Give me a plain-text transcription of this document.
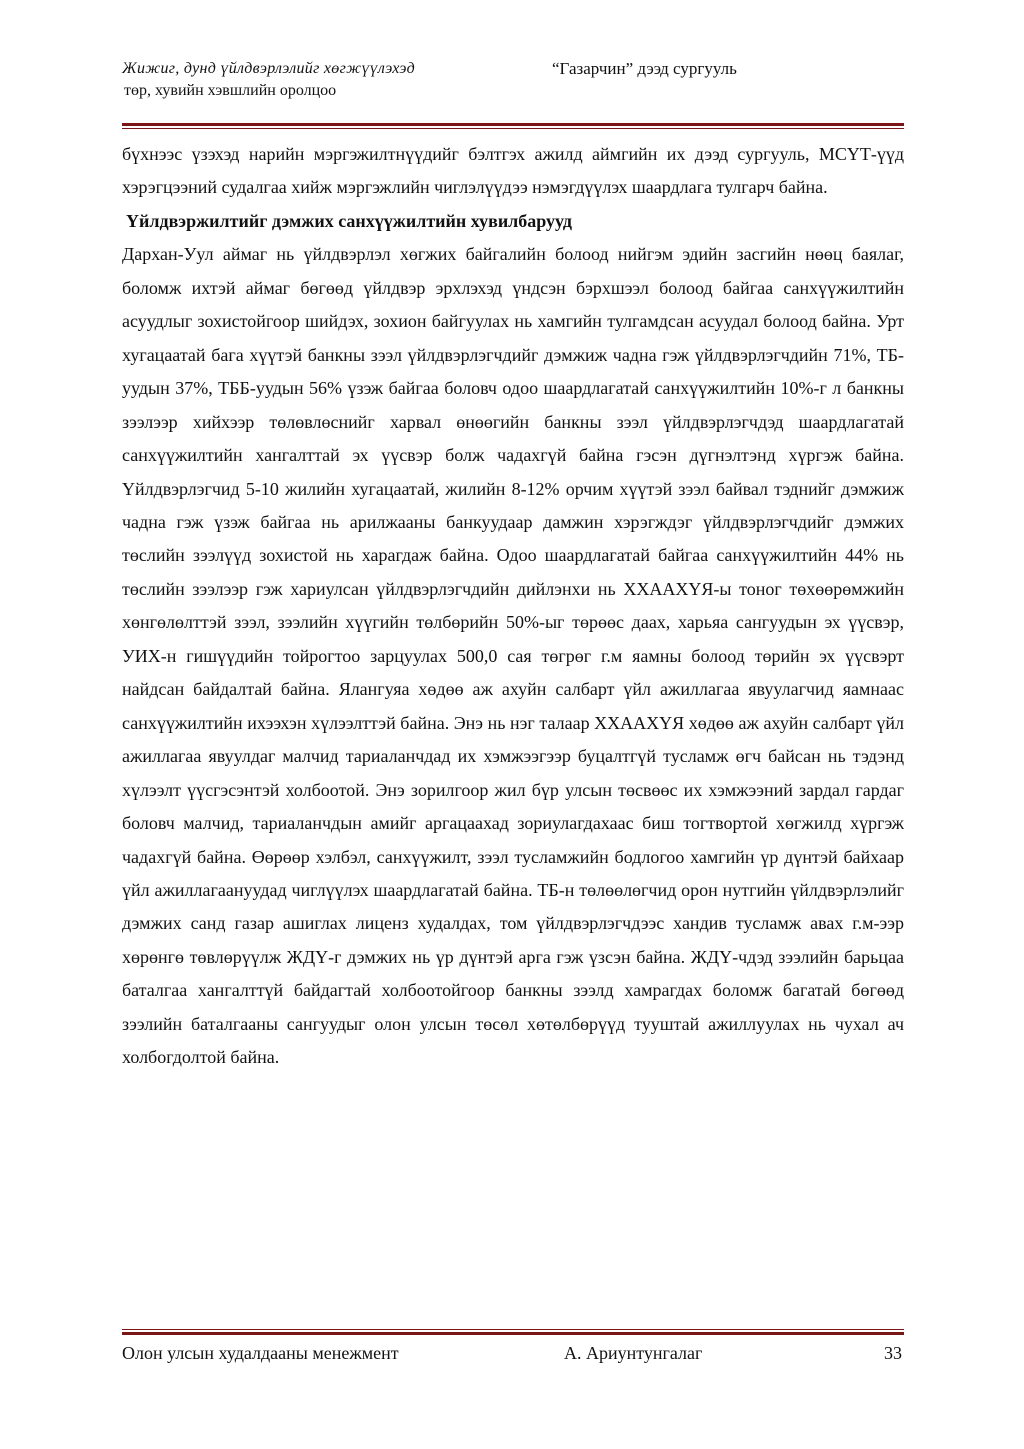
Жижиг, дунд үйлдвэрлэлийг хөгжүүлэхэд
төр, хувийн хэвшлийн оролцоо
“Газарчин” дээд сургууль

бүхнээс үзэхэд нарийн мэргэжилтнүүдийг бэлтгэх ажилд аймгийн их дээд сургууль, МСҮТ-үүд хэрэгцээний судалгаа хийж мэргэжлийн чиглэлүүдээ нэмэгдүүлэх шаардлага тулгарч байна.

Үйлдвэржилтийг дэмжих санхүүжилтийн хувилбарууд

Дархан-Уул аймаг нь үйлдвэрлэл хөгжих байгалийн болоод нийгэм эдийн засгийн нөөц баялаг, боломж ихтэй аймаг бөгөөд үйлдвэр эрхлэхэд үндсэн бэрхшээл болоод байгаа санхүүжилтийн асуудлыг зохистойгоор шийдэх, зохион байгуулах нь хамгийн тулгамдсан асуудал болоод байна. Урт хугацаатай бага хүүтэй банкны зээл үйлдвэрлэгчдийг дэмжиж чадна гэж үйлдвэрлэгчдийн 71%, ТБ-уудын 37%, ТББ-уудын 56% үзэж байгаа боловч одоо шаардлагатай санхүүжилтийн 10%-г л банкны зээлээр хийхээр төлөвлөснийг харвал өнөөгийн банкны зээл үйлдвэрлэгчдэд шаардлагатай санхүүжилтийн хангалттай эх үүсвэр болж чадахгүй байна гэсэн дүгнэлтэнд хүргэж байна. Үйлдвэрлэгчид 5-10 жилийн хугацаатай, жилийн 8-12% орчим хүүтэй зээл байвал тэднийг дэмжиж чадна гэж үзэж байгаа нь арилжааны банкуудаар дамжин хэрэгждэг үйлдвэрлэгчдийг дэмжих төслийн зээлүүд зохистой нь харагдаж байна. Одоо шаардлагатай байгаа санхүүжилтийн 44% нь төслийн зээлээр гэж хариулсан үйлдвэрлэгчдийн дийлэнхи нь ХХААХҮЯ-ы тоног төхөөрөмжийн хөнгөлөлттэй зээл, зээлийн хүүгийн төлбөрийн 50%-ыг төрөөс даах, харьяа сангуудын эх үүсвэр, УИХ-н гишүүдийн тойрогтоо зарцуулах 500,0 сая төгрөг г.м яамны болоод төрийн эх үүсвэрт найдсан байдалтай байна. Ялангуяа хөдөө аж ахуйн салбарт үйл ажиллагаа явуулагчид яамнаас санхүүжилтийн ихээхэн хүлээлттэй байна. Энэ нь нэг талаар ХХААХҮЯ хөдөө аж ахуйн салбарт үйл ажиллагаа явуулдаг малчид тариаланчдад их хэмжээгээр буцалтгүй тусламж өгч байсан нь тэдэнд хүлээлт үүсгэсэнтэй холбоотой. Энэ зорилгоор жил бүр улсын төсвөөс их хэмжээний зардал гардаг боловч малчид, тариаланчдын амийг аргацаахад зориулагдахаас биш тогтвортой хөгжилд хүргэж чадахгүй байна. Өөрөөр хэлбэл, санхүүжилт, зээл тусламжийн бодлогоо хамгийн үр дүнтэй байхаар үйл ажиллагаануудад чиглүүлэх шаардлагатай байна. ТБ-н төлөөлөгчид орон нутгийн үйлдвэрлэлийг дэмжих санд газар ашиглах лиценз худалдах, том үйлдвэрлэгчдээс хандив тусламж авах г.м-ээр хөрөнгө төвлөрүүлж ЖДҮ-г дэмжих нь үр дүнтэй арга гэж үзсэн байна. ЖДҮ-чдэд зээлийн барьцаа баталгаа хангалттүй байдагтай холбоотойгоор банкны зээлд хамрагдах боломж багатай бөгөөд зээлийн баталгааны сангуудыг олон улсын төсөл хөтөлбөрүүд тууштай ажиллуулах нь чухал ач холбогдолтой байна.

Олон улсын худалдааны менежмент	А. Ариунтунгалаг	33
